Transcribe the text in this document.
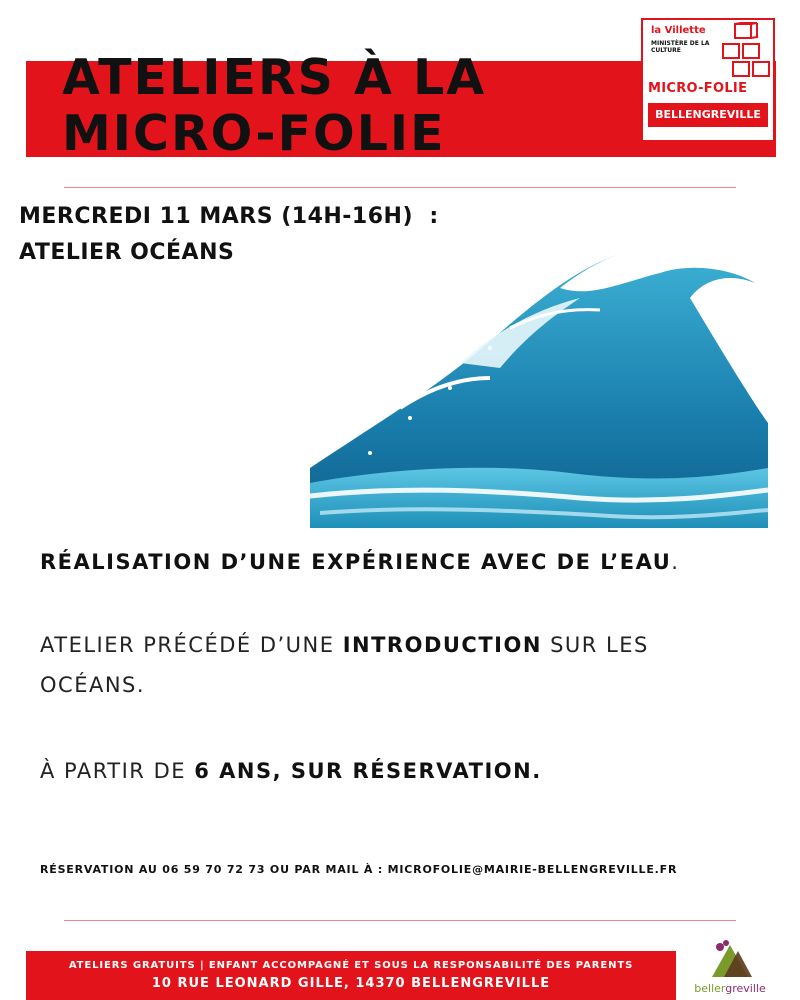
ATELIERS À LA
MICRO-FOLIE
la Villette
MINISTÈRE DE LA CULTURE
MICRO-FOLIE
BELLENGREVILLE
MERCREDI 11 MARS (14H-16H)  :
ATELIER OCÉANS
RÉALISATION D’UNE EXPÉRIENCE AVEC DE L’EAU.
ATELIER PRÉCÉDÉ D’UNE INTRODUCTION SUR LES
OCÉANS.
À PARTIR DE 6 ANS, SUR RÉSERVATION.
RÉSERVATION AU 06 59 70 72 73 OU PAR MAIL À : MICROFOLIE@MAIRIE-BELLENGREVILLE.FR
ATELIERS GRATUITS | ENFANT ACCOMPAGNÉ ET SOUS LA RESPONSABILITÉ DES PARENTS
10 RUE LEONARD GILLE, 14370 BELLENGREVILLE	bellergreville
